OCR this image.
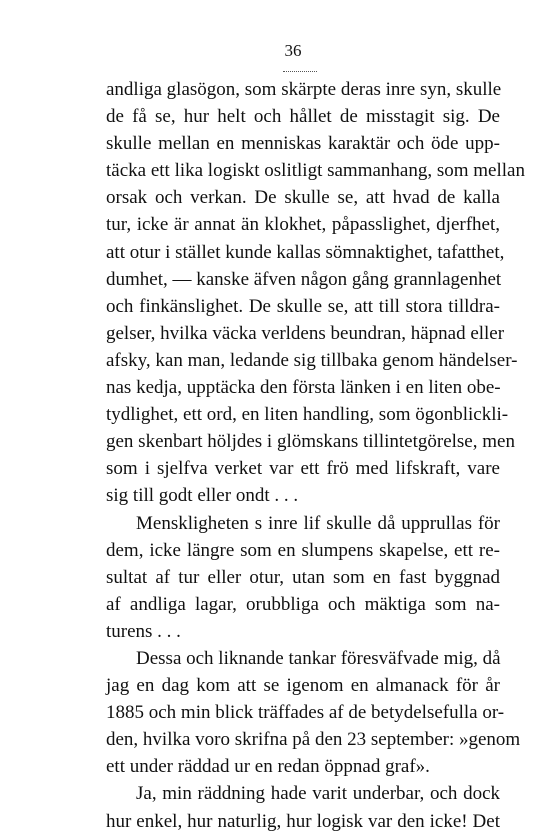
36
andliga glasögon, som skärpte deras inre syn, skulle
de få se, hur helt och hållet de misstagit sig. De
skulle mellan en menniskas karaktär och öde upp-
täcka ett lika logiskt oslitligt sammanhang, som mellan
orsak och verkan. De skulle se, att hvad de kalla
tur, icke är annat än klokhet, påpasslighet, djerfhet,
att otur i stället kunde kallas sömnaktighet, tafatthet,
dumhet, — kanske äfven någon gång grannlagenhet
och finkänslighet. De skulle se, att till stora tilldra-
gelser, hvilka väcka verldens beundran, häpnad eller
afsky, kan man, ledande sig tillbaka genom händelser-
nas kedja, upptäcka den första länken i en liten obe-
tydlighet, ett ord, en liten handling, som ögonblickli-
gen skenbart höljdes i glömskans tillintetgörelse, men
som i sjelfva verket var ett frö med lifskraft, vare
sig till godt eller ondt . . .
Menskligheten s inre lif skulle då upprullas för
dem, icke längre som en slumpens skapelse, ett re-
sultat af tur eller otur, utan som en fast byggnad
af andliga lagar, orubbliga och mäktiga som na-
turens . . .
Dessa och liknande tankar föresväfvade mig, då
jag en dag kom att se igenom en almanack för år
1885 och min blick träffades af de betydelsefulla or-
den, hvilka voro skrifna på den 23 september: »genom
ett under räddad ur en redan öppnad graf».
Ja, min räddning hade varit underbar, och dock
hur enkel, hur naturlig, hur logisk var den icke! Det
